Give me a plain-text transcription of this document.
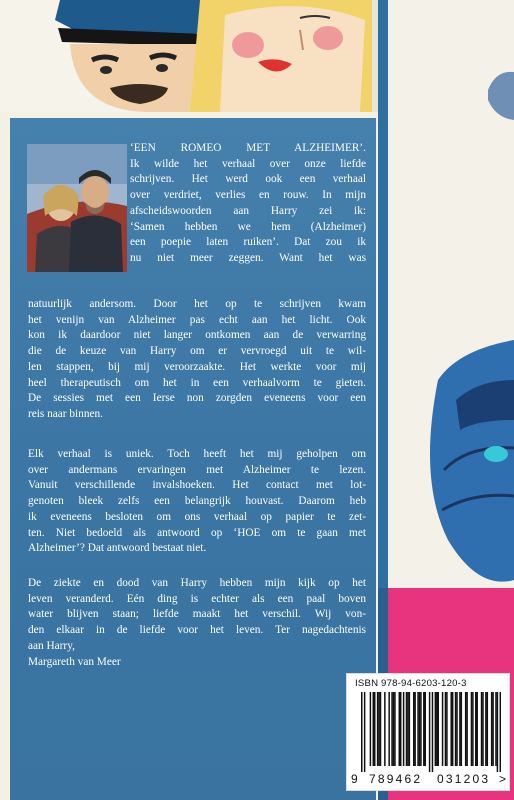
‘EEN ROMEO MET ALZHEIMER’.
Ik wilde het verhaal over onze liefde
schrijven. Het werd ook een verhaal
over verdriet, verlies en rouw. In mijn
afscheidswoorden aan Harry zei ik:
‘Samen hebben we hem (Alzheimer)
een poepie laten ruiken’. Dat zou ik
nu niet meer zeggen. Want het was
natuurlijk andersom. Door het op te schrijven kwam
het venijn van Alzheimer pas echt aan het licht. Ook
kon ik daardoor niet langer ontkomen aan de verwarring
die de keuze van Harry om er vervroegd uit te wil-
len stappen, bij mij veroorzaakte. Het werkte voor mij
heel therapeutisch om het in een verhaalvorm te gieten.
De sessies met een Ierse non zorgden eveneens voor een
reis naar binnen.
Elk verhaal is uniek. Toch heeft het mij geholpen om
over andermans ervaringen met Alzheimer te lezen.
Vanuit verschillende invalshoeken. Het contact met lot-
genoten bleek zelfs een belangrijk houvast. Daarom heb
ik eveneens besloten om ons verhaal op papier te zet-
ten. Niet bedoeld als antwoord op ‘HOE om te gaan met
Alzheimer’? Dat antwoord bestaat niet.
De ziekte en dood van Harry hebben mijn kijk op het
leven veranderd. Eén ding is echter als een paal boven
water blijven staan; liefde maakt het verschil. Wij von-
den elkaar in de liefde voor het leven. Ter nagedachtenis
aan Harry,
Margareth van Meer
ISBN 978-94-6203-120-3
9 789462 031203 >
